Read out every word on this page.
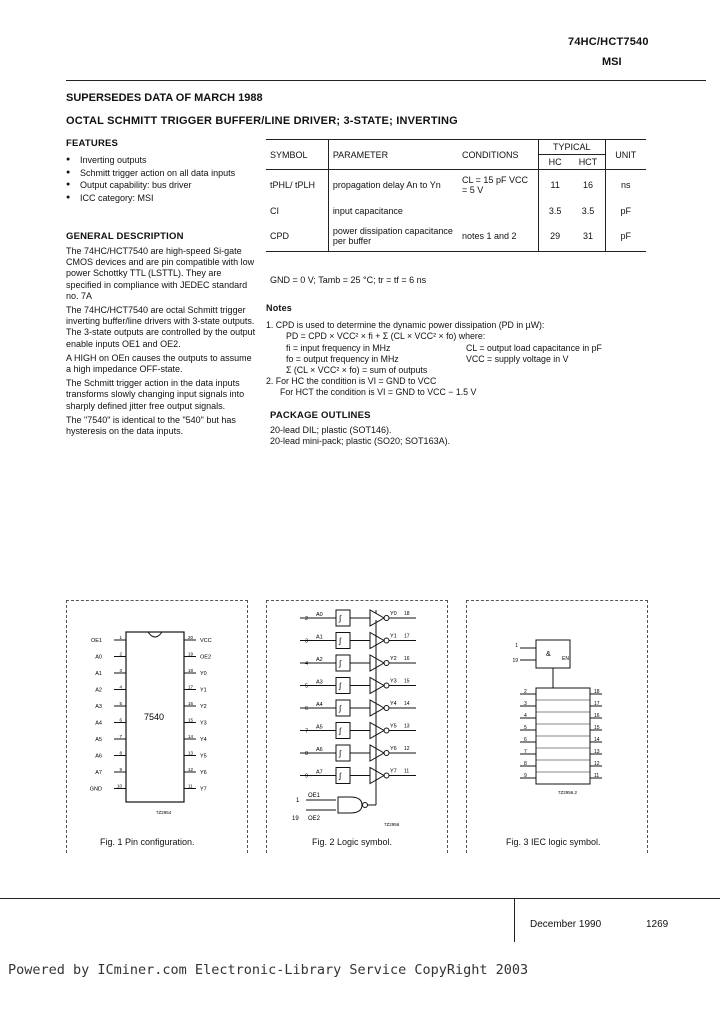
74HC/HCT7540
MSI
SUPERSEDES DATA OF MARCH 1988
OCTAL SCHMITT TRIGGER BUFFER/LINE DRIVER; 3-STATE; INVERTING
FEATURES
● Inverting outputs
● Schmitt trigger action on all data inputs
● Output capability: bus driver
● ICC category: MSI
GENERAL DESCRIPTION

The 74HC/HCT7540 are high-speed Si-gate CMOS devices and are pin compatible with low power Schottky TTL (LSTTL). They are specified in compliance with JEDEC standard no. 7A

The 74HC/HCT7540 are octal Schmitt trigger inverting buffer/line drivers with 3-state outputs. The 3-state outputs are controlled by the output enable inputs OE1 and OE2.

A HIGH on OEn causes the outputs to assume a high impedance OFF-state.

The Schmitt trigger action in the data inputs transforms slowly changing input signals into sharply defined jitter free output signals.

The "7540" is identical to the "540" but has hysteresis on the data inputs.

SYMBOL	PARAMETER	CONDITIONS	TYPICAL		UNIT
			HC	HCT	
tPHL/ tPLH	propagation delay An to Yn	CL = 15 pF VCC = 5 V	11	16	ns
CI	input capacitance		3.5	3.5	pF
CPD	power dissipation capacitance per buffer	notes 1 and 2	29	31	pF
GND = 0 V; Tamb = 25 °C; tr = tf = 6 ns
Notes
1. CPD is used to determine the dynamic power dissipation (PD in µW):
PD = CPD × VCC² × fi + Σ (CL × VCC² × fo) where:
fi = input frequency in MHz	CL = output load capacitance in pF
fo = output frequency in MHz	VCC = supply voltage in V
Σ (CL × VCC² × fo) = sum of outputs
2. For HC the condition is VI = GND to VCC
For HCT the condition is VI = GND to VCC − 1.5 V
PACKAGE OUTLINES
20-lead DIL; plastic (SOT146).
20-lead mini-pack; plastic (SO20; SOT163A).
7540
OE1
1	20
VCC
A0
2	19
OE2
A1
3	18
Y0
A2
4	17
Y1
A3
5	16
Y2
A4
6	15
Y3
A5
7	14
Y4
A6
8	13
Y5
A7
9	12
Y6
GND
10	11
Y7
7Z2954
Fig. 1 Pin configuration.
2
A0 ∫	Y0 18
3
A1 ∫	Y1 17
4
A2 ∫	Y2 16
5
A3 ∫	Y3 15
6
A4 ∫	Y4 14
7
A5 ∫	Y5 13
8
A6 ∫	Y6 12
9
A7 ∫	Y7 11
1
OE1
19 OE2
7Z2956
Fig. 2 Logic symbol.
&
EN
1
19
2	18
3	17
4	16
5	15
6	14
7	13
8	12
9	11
7Z2956.2
Fig. 3 IEC logic symbol.
December 1990	1269
Powered by ICminer.com Electronic-Library Service CopyRight 2003
